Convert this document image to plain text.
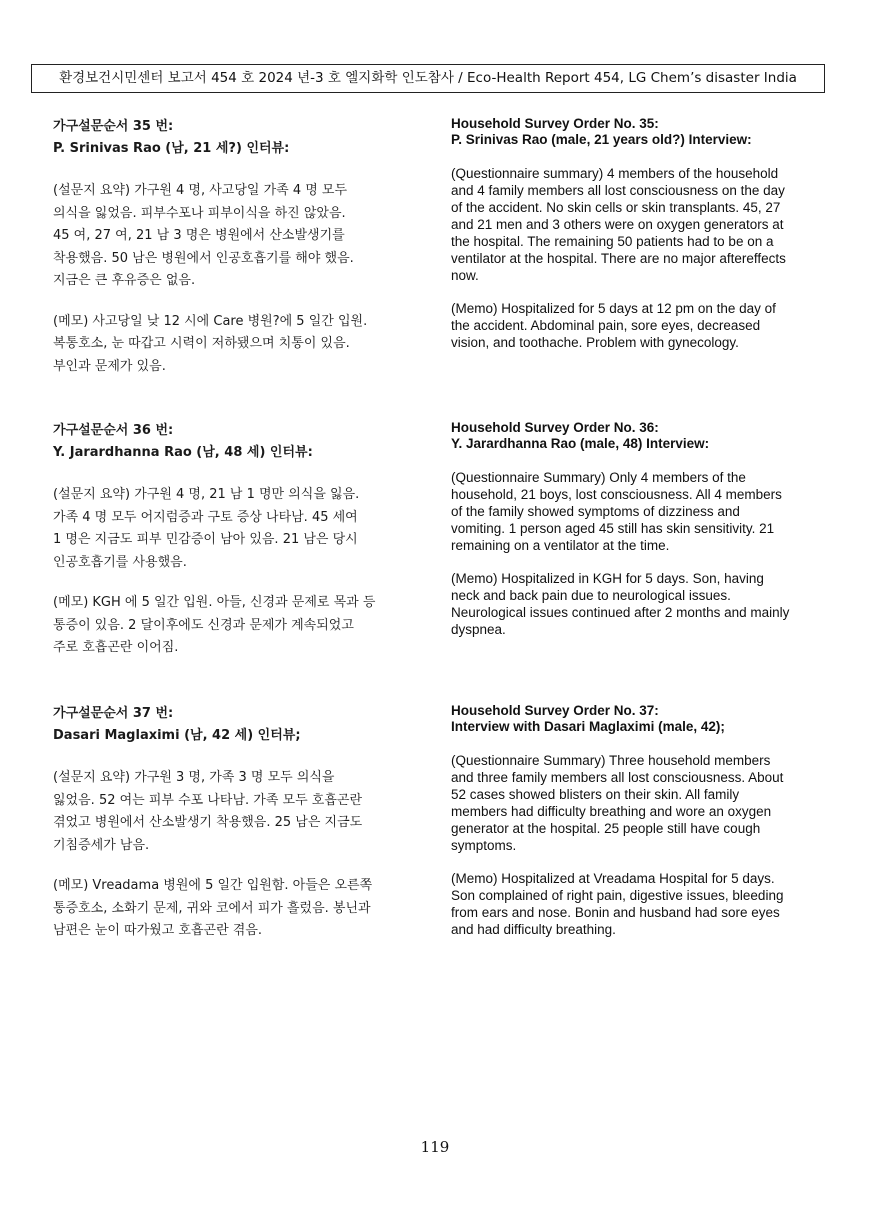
환경보건시민센터 보고서 454 호 2024 년-3 호 엘지화학 인도참사 / Eco-Health Report 454, LG Chem’s disaster India

가구설문순서 35 번:

P. Srinivas Rao (남, 21 세?) 인터뷰:

(설문지 요약) 가구원 4 명, 사고당일 가족 4 명 모두

의식을 잃었음. 피부수포나 피부이식을 하진 않았음.

45 여, 27 여, 21 남 3 명은 병원에서 산소발생기를

착용했음. 50 남은 병원에서 인공호흡기를 해야 했음.

지금은 큰 후유증은 없음.

(메모) 사고당일 낮 12 시에 Care 병원?에 5 일간 입원.

복통호소, 눈 따갑고 시력이 저하됐으며 치통이 있음.

부인과 문제가 있음.

Household Survey Order No. 35:

P. Srinivas Rao (male, 21 years old?) Interview:

(Questionnaire summary) 4 members of the household

and 4 family members all lost consciousness on the day

of the accident. No skin cells or skin transplants. 45, 27

and 21 men and 3 others were on oxygen generators at

the hospital. The remaining 50 patients had to be on a

ventilator at the hospital. There are no major aftereffects

now.

(Memo) Hospitalized for 5 days at 12 pm on the day of

the accident. Abdominal pain, sore eyes, decreased

vision, and toothache. Problem with gynecology.

가구설문순서 36 번:

Y. Jarardhanna Rao (남, 48 세) 인터뷰:

(설문지 요약) 가구원 4 명, 21 남 1 명만 의식을 잃음.

가족 4 명 모두 어지럼증과 구토 증상 나타남. 45 세여

1 명은 지금도 피부 민감증이 남아 있음. 21 남은 당시

인공호흡기를 사용했음.

(메모) KGH 에 5 일간 입원. 아들, 신경과 문제로 목과 등

통증이 있음. 2 달이후에도 신경과 문제가 계속되었고

주로 호흡곤란 이어짐.

Household Survey Order No. 36:

Y. Jarardhanna Rao (male, 48) Interview:

(Questionnaire Summary) Only 4 members of the

household, 21 boys, lost consciousness. All 4 members

of the family showed symptoms of dizziness and

vomiting. 1 person aged 45 still has skin sensitivity. 21

remaining on a ventilator at the time.

(Memo) Hospitalized in KGH for 5 days. Son, having

neck and back pain due to neurological issues.

Neurological issues continued after 2 months and mainly

dyspnea.

가구설문순서 37 번:

Dasari Maglaximi (남, 42 세) 인터뷰;

(설문지 요약) 가구원 3 명, 가족 3 명 모두 의식을

잃었음. 52 여는 피부 수포 나타남. 가족 모두 호흡곤란

겪었고 병원에서 산소발생기 착용했음. 25 남은 지금도

기침증세가 남음.

(메모) Vreadama 병원에 5 일간 입원함. 아들은 오른쪽

통증호소, 소화기 문제, 귀와 코에서 피가 흘렀음. 봉닌과

남편은 눈이 따가웠고 호흡곤란 겪음.

Household Survey Order No. 37:

Interview with Dasari Maglaximi (male, 42);

(Questionnaire Summary) Three household members

and three family members all lost consciousness. About

52 cases showed blisters on their skin. All family

members had difficulty breathing and wore an oxygen

generator at the hospital. 25 people still have cough

symptoms.

(Memo) Hospitalized at Vreadama Hospital for 5 days.

Son complained of right pain, digestive issues, bleeding

from ears and nose. Bonin and husband had sore eyes

and had difficulty breathing.

119
